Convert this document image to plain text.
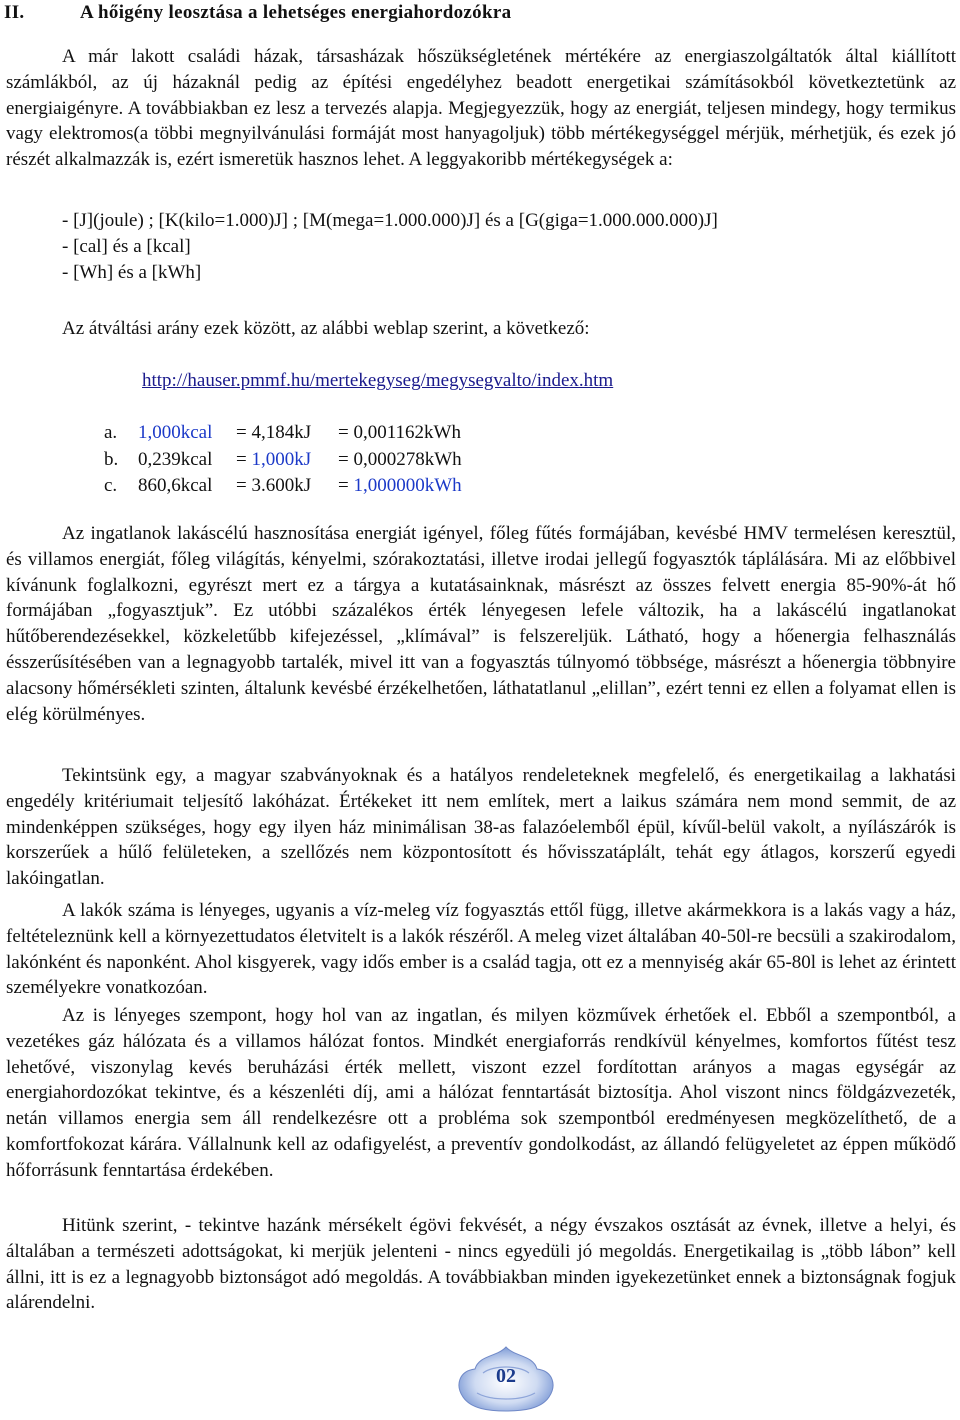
II.	A hőigény leosztása a lehetséges energiahordozókra

A már lakott családi házak, társasházak hőszükségletének mértékére az energiaszolgáltatók által kiállított számlákból, az új házaknál pedig az építési engedélyhez beadott energetikai számításokból következtetünk az energiaigényre. A továbbiakban ez lesz a tervezés alapja. Megjegyezzük, hogy az energiát, teljesen mindegy, hogy termikus vagy elektromos(a többi megnyilvánulási formáját most hanyagoljuk) több mértékegységgel mérjük, mérhetjük, és ezek jó részét alkalmazzák is, ezért ismeretük hasznos lehet. A leggyakoribb mértékegységek a:

- [J](joule) ; [K(kilo=1.000)J] ; [M(mega=1.000.000)J] és a [G(giga=1.000.000.000)J]
- [cal] és a [kcal]
- [Wh] és a [kWh]

Az átváltási arány ezek között, az alábbi weblap szerint, a következő:

http://hauser.pmmf.hu/mertekegyseg/megysegvalto/index.htm
a. 1,000kcal = 4,184kJ = 0,001162kWh
b. 0,239kcal = 1,000kJ = 0,000278kWh
c. 860,6kcal = 3.600kJ = 1,000000kWh

Az ingatlanok lakáscélú hasznosítása energiát igényel, főleg fűtés formájában, kevésbé HMV termelésen keresztül, és villamos energiát, főleg világítás, kényelmi, szórakoztatási, illetve irodai jellegű fogyasztók táplálására. Mi az előbbivel kívánunk foglalkozni, egyrészt mert ez a tárgya a kutatásainknak, másrészt az összes felvett energia 85-90%-át hő formájában „fogyasztjuk”. Ez utóbbi százalékos érték lényegesen lefele változik, ha a lakáscélú ingatlanokat hűtőberendezésekkel, közkeletűbb kifejezéssel, „klímával” is felszereljük. Látható, hogy a hőenergia felhasználás ésszerűsítésében van a legnagyobb tartalék, mivel itt van a fogyasztás túlnyomó többsége, másrészt a hőenergia többnyire alacsony hőmérsékleti szinten, általunk kevésbé érzékelhetően, láthatatlanul „elillan”, ezért tenni ez ellen a folyamat ellen is elég körülményes.

Tekintsünk egy, a magyar szabványoknak és a hatályos rendeleteknek megfelelő, és energetikailag a lakhatási engedély kritériumait teljesítő lakóházat. Értékeket itt nem említek, mert a laikus számára nem mond semmit, de az mindenképpen szükséges, hogy egy ilyen ház minimálisan 38-as falazóelemből épül, kívűl-belül vakolt, a nyílászárók is korszerűek a hűlő felületeken, a szellőzés nem központosított és hővisszatáplált, tehát egy átlagos, korszerű egyedi lakóingatlan.

A lakók száma is lényeges, ugyanis a víz-meleg víz fogyasztás ettől függ, illetve akármekkora is a lakás vagy a ház, feltételeznünk kell a környezettudatos életvitelt is a lakók részéről. A meleg vizet általában 40-50l-re becsüli a szakirodalom, lakónként és naponként. Ahol kisgyerek, vagy idős ember is a család tagja, ott ez a mennyiség akár 65-80l is lehet az érintett személyekre vonatkozóan.

Az is lényeges szempont, hogy hol van az ingatlan, és milyen közművek érhetőek el. Ebből a szempontból, a vezetékes gáz hálózata és a villamos hálózat fontos. Mindkét energiaforrás rendkívül kényelmes, komfortos fűtést tesz lehetővé, viszonylag kevés beruházási érték mellett, viszont ezzel fordítottan arányos a magas egységár az energiahordozókat tekintve, és a készenléti díj, ami a hálózat fenntartását biztosítja. Ahol viszont nincs földgázvezeték, netán villamos energia sem áll rendelkezésre ott a probléma sok szempontból eredményesen megközelíthető, de a komfortfokozat kárára. Vállalnunk kell az odafigyelést, a preventív gondolkodást, az állandó felügyeletet az éppen működő hőforrásunk fenntartása érdekében.

Hitünk szerint, - tekintve hazánk mérsékelt égövi fekvését, a négy évszakos osztását az évnek, illetve a helyi, és általában a természeti adottságokat, ki merjük jelenteni - nincs egyedüli jó megoldás. Energetikailag is „több lábon” kell állni, itt is ez a legnagyobb biztonságot adó megoldás. A továbbiakban minden igyekezetünket ennek a biztonságnak fogjuk alárendelni.

02
